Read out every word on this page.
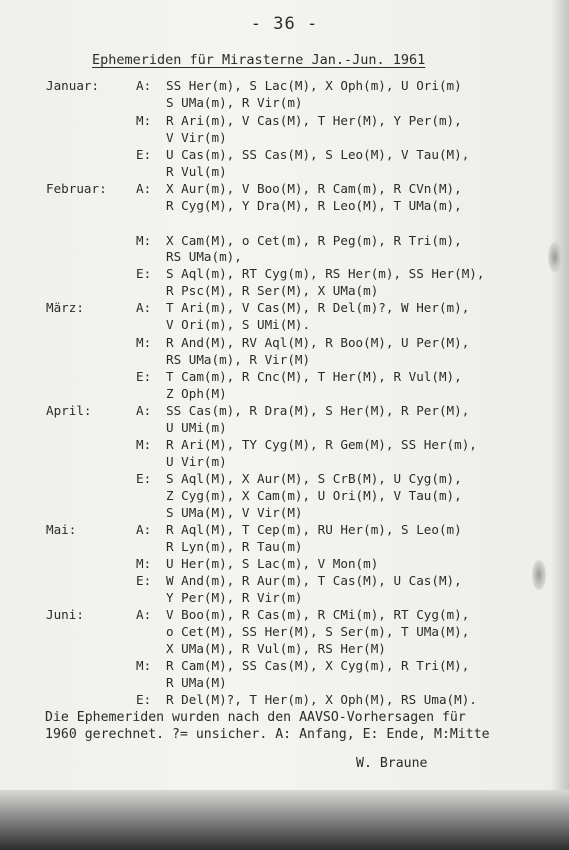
- 36 -
Ephemeriden für Mirasterne Jan.-Jun. 1961
Januar:	A: SS Her(m), S Lac(M), X Oph(m), U Ori(m)
S UMa(m), R Vir(m)
M: R Ari(m), V Cas(M), T Her(M), Y Per(m),
V Vir(m)
E: U Cas(m), SS Cas(M), S Leo(M), V Tau(M),
R Vul(m)
Februar: A: X Aur(m), V Boo(M), R Cam(m), R CVn(M),
R Cyg(M), Y Dra(M), R Leo(M), T UMa(m),
M: X Cam(M), o Cet(m), R Peg(m), R Tri(m),
RS UMa(m),
E: S Aql(m), RT Cyg(m), RS Her(m), SS Her(M),
R Psc(M), R Ser(M), X UMa(m)
März:	A: T Ari(m), V Cas(M), R Del(m)?, W Her(m),
V Ori(m), S UMi(M).
M: R And(M), RV Aql(M), R Boo(M), U Per(M),
RS UMa(m), R Vir(M)
E: T Cam(m), R Cnc(M), T Her(M), R Vul(M),
Z Oph(M)
April:	A: SS Cas(m), R Dra(M), S Her(M), R Per(M),
U UMi(m)
M: R Ari(M), TY Cyg(M), R Gem(M), SS Her(m),
U Vir(m)
E: S Aql(M), X Aur(M), S CrB(M), U Cyg(m),
Z Cyg(m), X Cam(m), U Ori(M), V Tau(m),
S UMa(M), V Vir(M)
Mai:	A: R Aql(M), T Cep(m), RU Her(m), S Leo(m)
R Lyn(m), R Tau(m)
M: U Her(m), S Lac(m), V Mon(m)
E: W And(m), R Aur(m), T Cas(M), U Cas(M),
Y Per(M), R Vir(m)
Juni:	A: V Boo(m), R Cas(m), R CMi(m), RT Cyg(m),
o Cet(M), SS Her(M), S Ser(m), T UMa(M),
X UMa(M), R Vul(m), RS Her(M)
M: R Cam(M), SS Cas(M), X Cyg(m), R Tri(M),
R UMa(M)
E: R Del(M)?, T Her(m), X Oph(M), RS Uma(M).
Die Ephemeriden wurden nach den AAVSO-Vorhersagen für
1960 gerechnet. ?= unsicher. A: Anfang, E: Ende, M:Mitte
W. Braune
